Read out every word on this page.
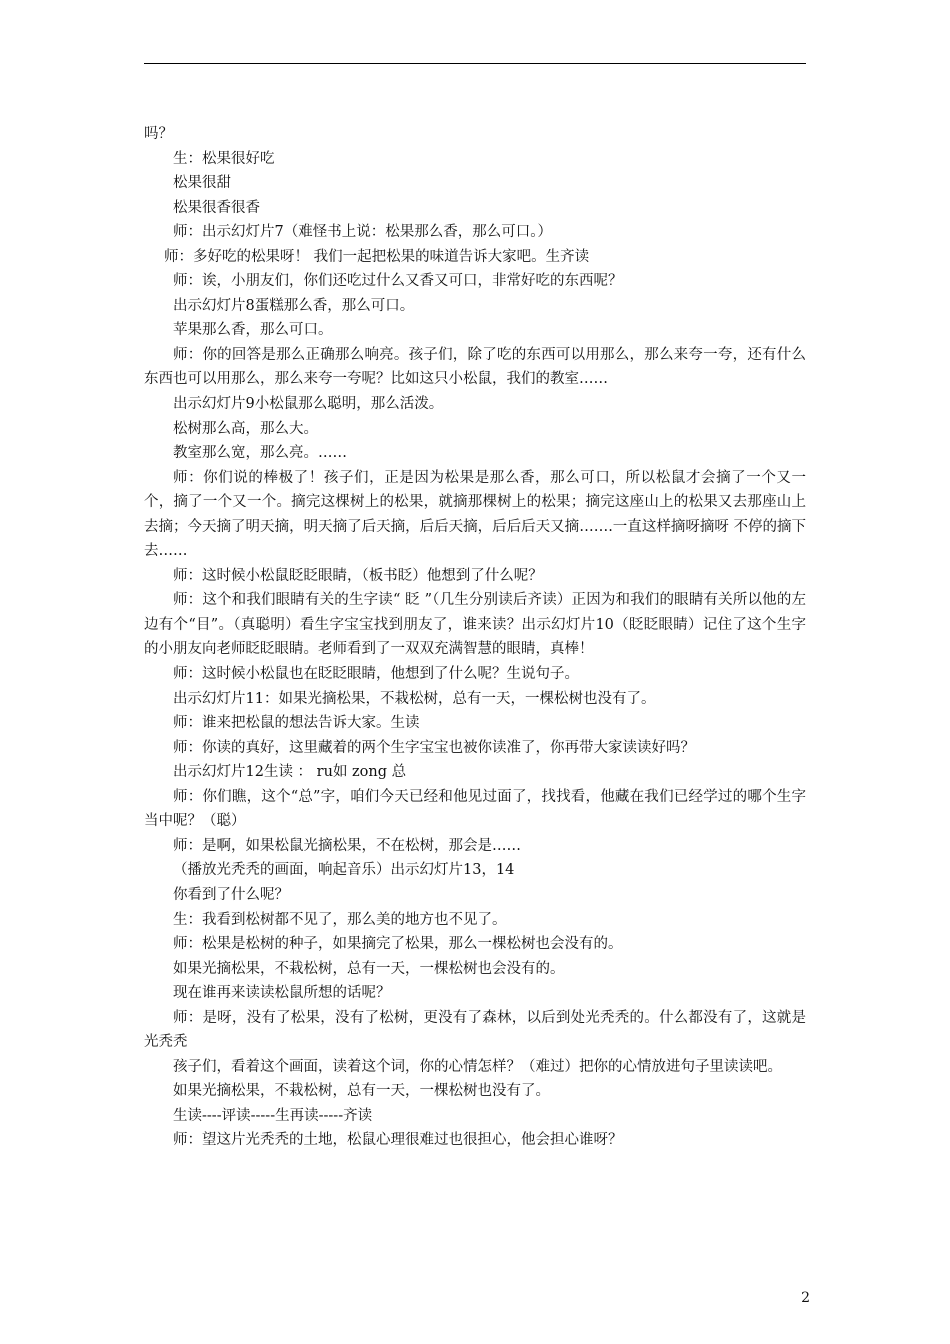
吗？

生：松果很好吃

松果很甜

松果很香很香

师：出示幻灯片7（难怪书上说：松果那么香，那么可口。）

师：多好吃的松果呀！ 我们一起把松果的味道告诉大家吧。生齐读

师：诶，小朋友们，你们还吃过什么又香又可口，非常好吃的东西呢？

出示幻灯片8蛋糕那么香，那么可口。

苹果那么香，那么可口。

师：你的回答是那么正确那么响亮。孩子们，除了吃的东西可以用那么，那么来夸一夸，还有什么东西也可以用那么，那么来夸一夸呢？比如这只小松鼠，我们的教室……

出示幻灯片9小松鼠那么聪明，那么活泼。

松树那么高，那么大。

教室那么宽，那么亮。……

师：你们说的棒极了！孩子们，正是因为松果是那么香，那么可口，所以松鼠才会摘了一个又一个，摘了一个又一个。摘完这棵树上的松果，就摘那棵树上的松果；摘完这座山上的松果又去那座山上去摘；今天摘了明天摘，明天摘了后天摘，后后天摘，后后后天又摘…….一直这样摘呀摘呀 不停的摘下去……

师：这时候小松鼠眨眨眼睛，（板书眨）他想到了什么呢？

师：这个和我们眼睛有关的生字读“ 眨 ”（几生分别读后齐读）正因为和我们的眼睛有关所以他的左边有个“目”。（真聪明）看生字宝宝找到朋友了，谁来读？出示幻灯片10（眨眨眼睛）记住了这个生字的小朋友向老师眨眨眼睛。老师看到了一双双充满智慧的眼睛，真棒！

师：这时候小松鼠也在眨眨眼睛，他想到了什么呢？生说句子。

出示幻灯片11：如果光摘松果，不栽松树，总有一天，一棵松树也没有了。

师：谁来把松鼠的想法告诉大家。生读

师：你读的真好，这里藏着的两个生字宝宝也被你读准了，你再带大家读读好吗？

出示幻灯片12生读 ： ru如 zong 总

师：你们瞧，这个“总”字，咱们今天已经和他见过面了，找找看，他藏在我们已经学过的哪个生字当中呢？（聪）

师：是啊，如果松鼠光摘松果，不在松树，那会是……

（播放光秃秃的画面，响起音乐）出示幻灯片13，14

你看到了什么呢？

生：我看到松树都不见了，那么美的地方也不见了。

师：松果是松树的种子，如果摘完了松果，那么一棵松树也会没有的。

如果光摘松果，不栽松树，总有一天，一棵松树也会没有的。

现在谁再来读读松鼠所想的话呢？

师：是呀，没有了松果，没有了松树，更没有了森林，以后到处光秃秃的。什么都没有了，这就是光秃秃

孩子们，看着这个画面，读着这个词，你的心情怎样？（难过）把你的心情放进句子里读读吧。

如果光摘松果，不栽松树，总有一天，一棵松树也没有了。

生读----评读-----生再读-----齐读

师：望这片光秃秃的土地，松鼠心理很难过也很担心，他会担心谁呀？

2
